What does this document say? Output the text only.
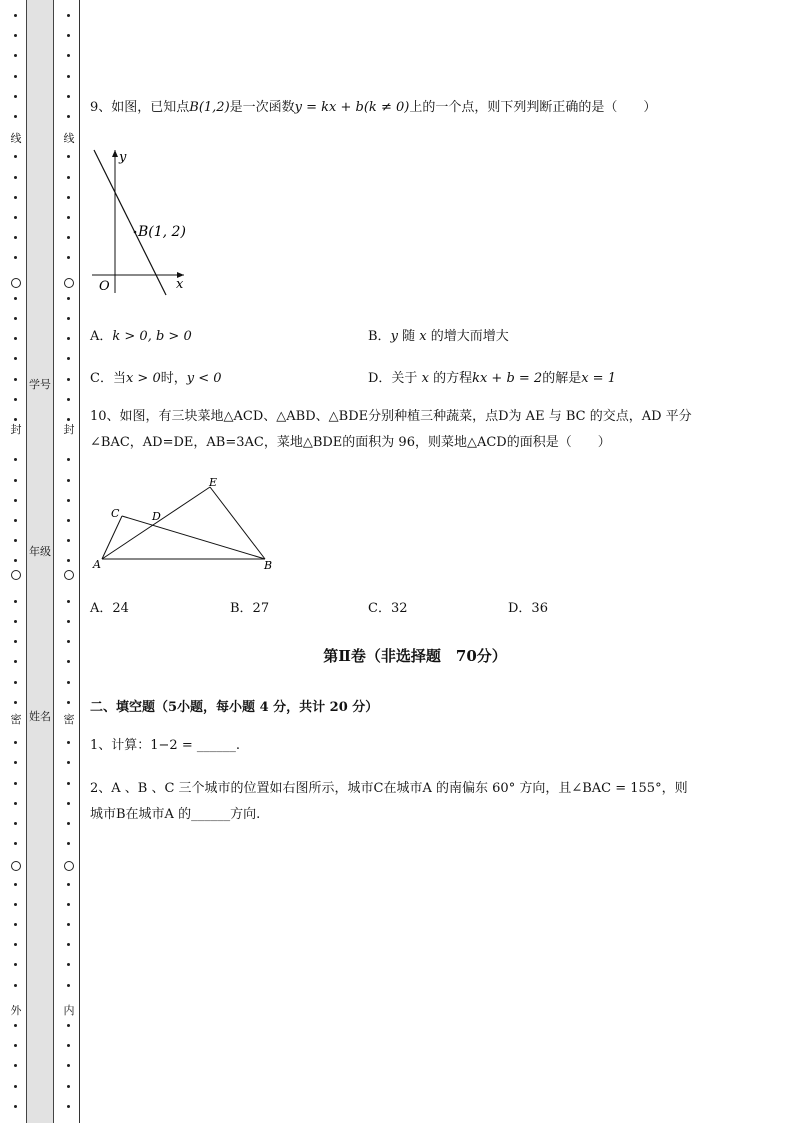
线
封
密
外
学号
年级
姓名
线
封
密
内
9、如图，已知点B(1,2)是一次函数y = kx + b(k ≠ 0)上的一个点，则下列判断正确的是（　　）
y
x
O
B(1, 2)
A．k > 0, b > 0	B．y 随 x 的增大而增大
C．当x > 0时，y < 0	D．关于 x 的方程kx + b = 2的解是x = 1
10、如图，有三块菜地△ACD、△ABD、△BDE分别种植三种蔬菜，点D为 AE 与 BC 的交点，AD 平分
∠BAC，AD=DE，AB=3AC，菜地△BDE的面积为 96，则菜地△ACD的面积是（　　）
A	B
C	D
E
A．24	B．27	C．32	D．36
第Ⅱ卷（非选择题　70分）
二、填空题（5小题，每小题 4 分，共计 20 分）
1、计算：1−2 = ______.
2、A 、B 、C 三个城市的位置如右图所示，城市C在城市A 的南偏东 60° 方向，且∠BAC = 155°，则
城市B在城市A 的______方向.
